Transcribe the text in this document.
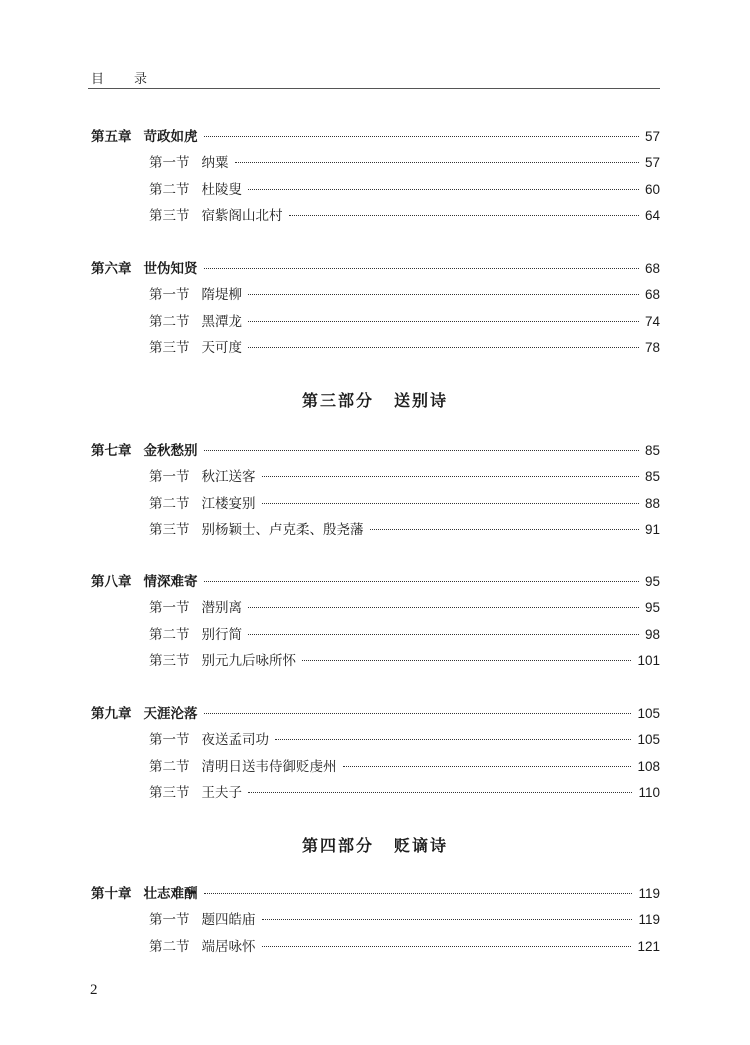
目 录
第五章 苛政如虎	57
第一节 纳粟	57
第二节 杜陵叟	60
第三节 宿紫阁山北村	64
第六章 世伪知贤	68
第一节 隋堤柳	68
第二节 黑潭龙	74
第三节 天可度	78
第七章 金秋愁别	85
第一节 秋江送客	85
第二节 江楼宴别	88
第三节 别杨颖士、卢克柔、殷尧藩	91
第八章 情深难寄	95
第一节 潜别离	95
第二节 别行简	98
第三节 别元九后咏所怀	101
第九章 天涯沦落	105
第一节 夜送孟司功	105
第二节 清明日送韦侍御贬虔州	108
第三节 王夫子	110
第十章 壮志难酬	119
第一节 题四皓庙	119
第二节 端居咏怀	121
第三部分 送别诗
第四部分 贬谪诗
2
